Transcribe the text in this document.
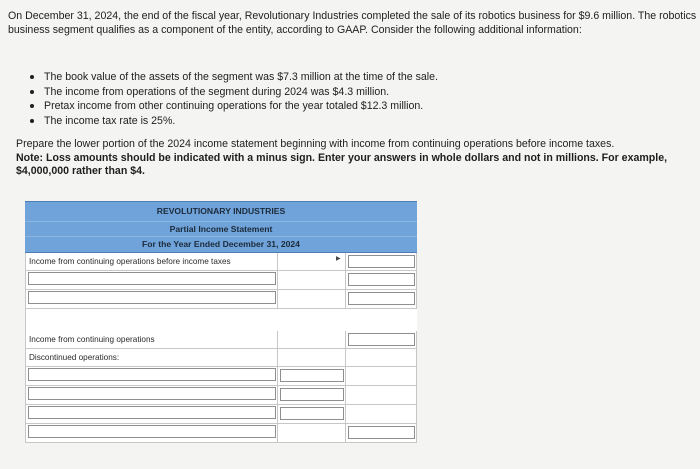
On December 31, 2024, the end of the fiscal year, Revolutionary Industries completed the sale of its robotics business for $9.6 million. The robotics business segment qualifies as a component of the entity, according to GAAP. Consider the following additional information:
The book value of the assets of the segment was $7.3 million at the time of the sale.
The income from operations of the segment during 2024 was $4.3 million.
Pretax income from other continuing operations for the year totaled $12.3 million.
The income tax rate is 25%.
Prepare the lower portion of the 2024 income statement beginning with income from continuing operations before income taxes.
Note: Loss amounts should be indicated with a minus sign. Enter your answers in whole dollars and not in millions. For example, $4,000,000 rather than $4.
REVOLUTIONARY INDUSTRIES
Partial Income Statement
For the Year Ended December 31, 2024
Income from continuing operations before income taxes	▶
Income from continuing operations
Discontinued operations:
